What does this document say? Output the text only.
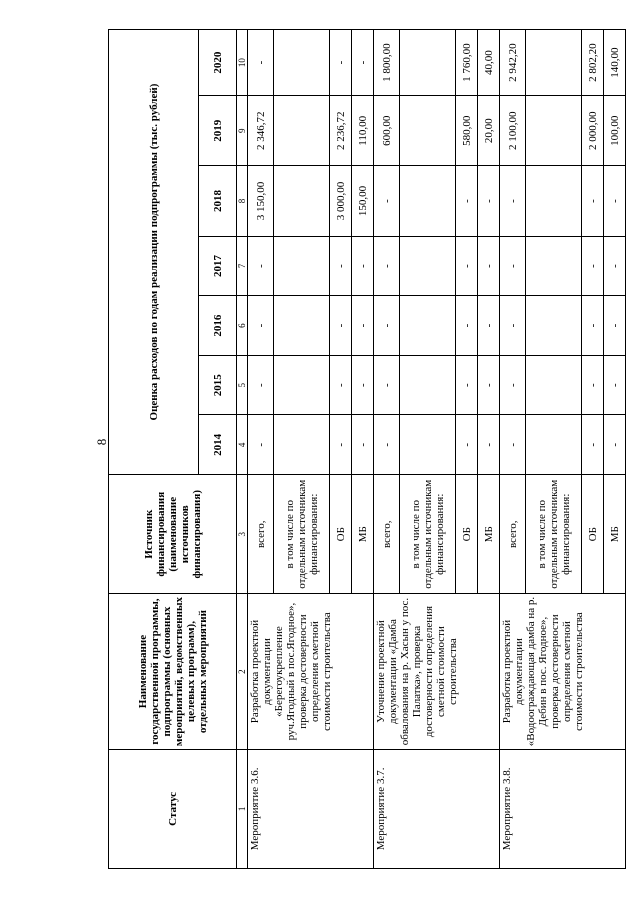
8
Статус	Наименование государственной программы, подпрограммы (основных мероприятий, ведомственных целевых программ), отдельных мероприятий	Источник финансирования (наименование источников финансирования)	Оценка расходов по годам реализации подпрограммы (тыс. рублей)						
			2014	2015	2016	2017	2018	2019	2020
1	2	3	4	5	6	7	8	9	10
Мероприятие 3.6.	Разработка проектной документации «Берегоукрепление руч.Ягодный в пос.Ягодное», проверка достоверности определения сметной стоимости строительства	всего,	-	-	-	-	3 150,00	2 346,72	-
		в том числе по отдельным источникам финансирования:							
		ОБ	-	-	-	-	3 000,00	2 236,72	-
		МБ	-	-	-	-	150,00	110,00	-
Мероприятие 3.7.	Уточнение проектной документации «Дамба обвалования на р. Хасын у пос. Палатка», проверка достоверности определения сметной стоимости строительства	всего,	-	-	-	-	-	600,00	1 800,00
		в том числе по отдельным источникам финансирования:							
		ОБ	-	-	-	-	-	580,00	1 760,00
		МБ	-	-	-	-	-	20,00	40,00
Мероприятие 3.8.	Разработка проектной документации «Водоограждающая дамба на р. Дебин в пос. Ягодное», проверка достоверности определения сметной стоимости строительства	всего,	-	-	-	-	-	2 100,00	2 942,20
		в том числе по отдельным источникам финансирования:							
		ОБ	-	-	-	-	-	2 000,00	2 802,20
		МБ	-	-	-	-	-	100,00	140,00
